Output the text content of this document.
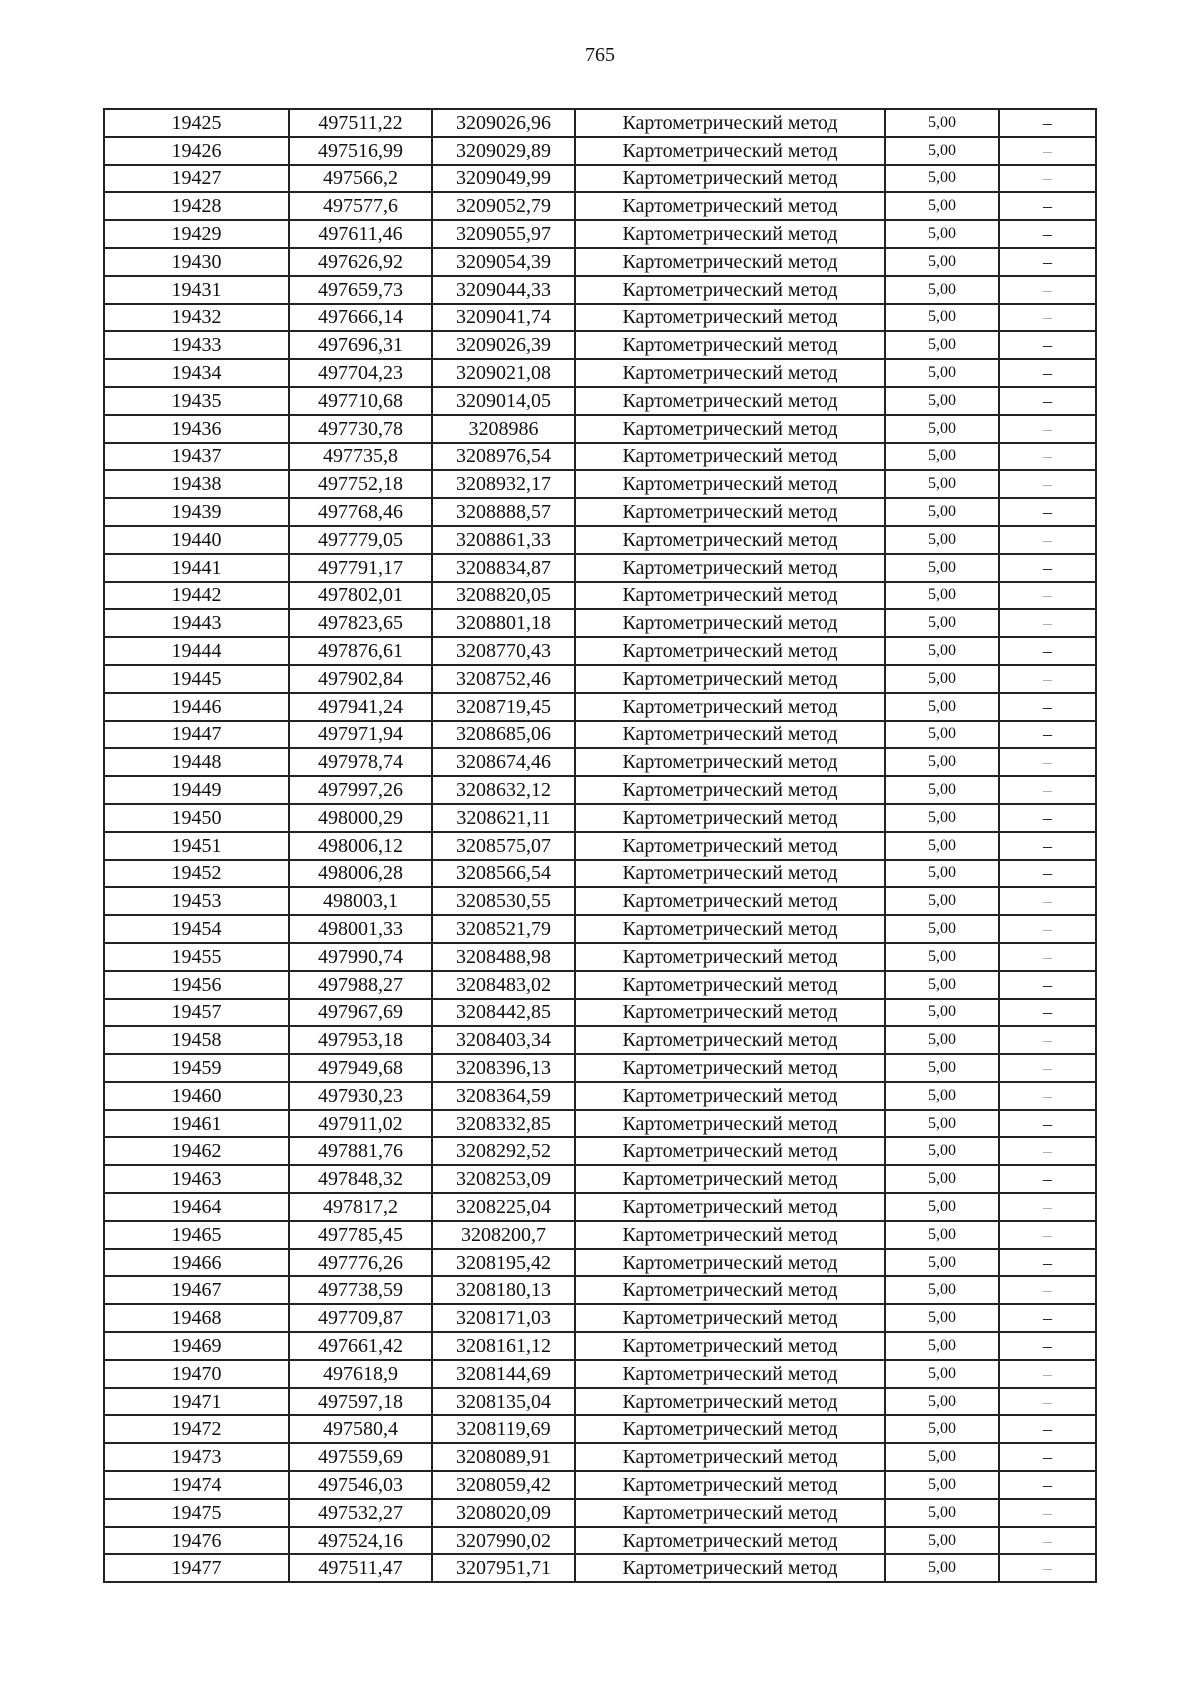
765
19425	497511,22	3209026,96	Картометрический метод	5,00	–
19426	497516,99	3209029,89	Картометрический метод	5,00	–
19427	497566,2	3209049,99	Картометрический метод	5,00	–
19428	497577,6	3209052,79	Картометрический метод	5,00	–
19429	497611,46	3209055,97	Картометрический метод	5,00	–
19430	497626,92	3209054,39	Картометрический метод	5,00	–
19431	497659,73	3209044,33	Картометрический метод	5,00	–
19432	497666,14	3209041,74	Картометрический метод	5,00	–
19433	497696,31	3209026,39	Картометрический метод	5,00	–
19434	497704,23	3209021,08	Картометрический метод	5,00	–
19435	497710,68	3209014,05	Картометрический метод	5,00	–
19436	497730,78	3208986	Картометрический метод	5,00	–
19437	497735,8	3208976,54	Картометрический метод	5,00	–
19438	497752,18	3208932,17	Картометрический метод	5,00	–
19439	497768,46	3208888,57	Картометрический метод	5,00	–
19440	497779,05	3208861,33	Картометрический метод	5,00	–
19441	497791,17	3208834,87	Картометрический метод	5,00	–
19442	497802,01	3208820,05	Картометрический метод	5,00	–
19443	497823,65	3208801,18	Картометрический метод	5,00	–
19444	497876,61	3208770,43	Картометрический метод	5,00	–
19445	497902,84	3208752,46	Картометрический метод	5,00	–
19446	497941,24	3208719,45	Картометрический метод	5,00	–
19447	497971,94	3208685,06	Картометрический метод	5,00	–
19448	497978,74	3208674,46	Картометрический метод	5,00	–
19449	497997,26	3208632,12	Картометрический метод	5,00	–
19450	498000,29	3208621,11	Картометрический метод	5,00	–
19451	498006,12	3208575,07	Картометрический метод	5,00	–
19452	498006,28	3208566,54	Картометрический метод	5,00	–
19453	498003,1	3208530,55	Картометрический метод	5,00	–
19454	498001,33	3208521,79	Картометрический метод	5,00	–
19455	497990,74	3208488,98	Картометрический метод	5,00	–
19456	497988,27	3208483,02	Картометрический метод	5,00	–
19457	497967,69	3208442,85	Картометрический метод	5,00	–
19458	497953,18	3208403,34	Картометрический метод	5,00	–
19459	497949,68	3208396,13	Картометрический метод	5,00	–
19460	497930,23	3208364,59	Картометрический метод	5,00	–
19461	497911,02	3208332,85	Картометрический метод	5,00	–
19462	497881,76	3208292,52	Картометрический метод	5,00	–
19463	497848,32	3208253,09	Картометрический метод	5,00	–
19464	497817,2	3208225,04	Картометрический метод	5,00	–
19465	497785,45	3208200,7	Картометрический метод	5,00	–
19466	497776,26	3208195,42	Картометрический метод	5,00	–
19467	497738,59	3208180,13	Картометрический метод	5,00	–
19468	497709,87	3208171,03	Картометрический метод	5,00	–
19469	497661,42	3208161,12	Картометрический метод	5,00	–
19470	497618,9	3208144,69	Картометрический метод	5,00	–
19471	497597,18	3208135,04	Картометрический метод	5,00	–
19472	497580,4	3208119,69	Картометрический метод	5,00	–
19473	497559,69	3208089,91	Картометрический метод	5,00	–
19474	497546,03	3208059,42	Картометрический метод	5,00	–
19475	497532,27	3208020,09	Картометрический метод	5,00	–
19476	497524,16	3207990,02	Картометрический метод	5,00	–
19477	497511,47	3207951,71	Картометрический метод	5,00	–
